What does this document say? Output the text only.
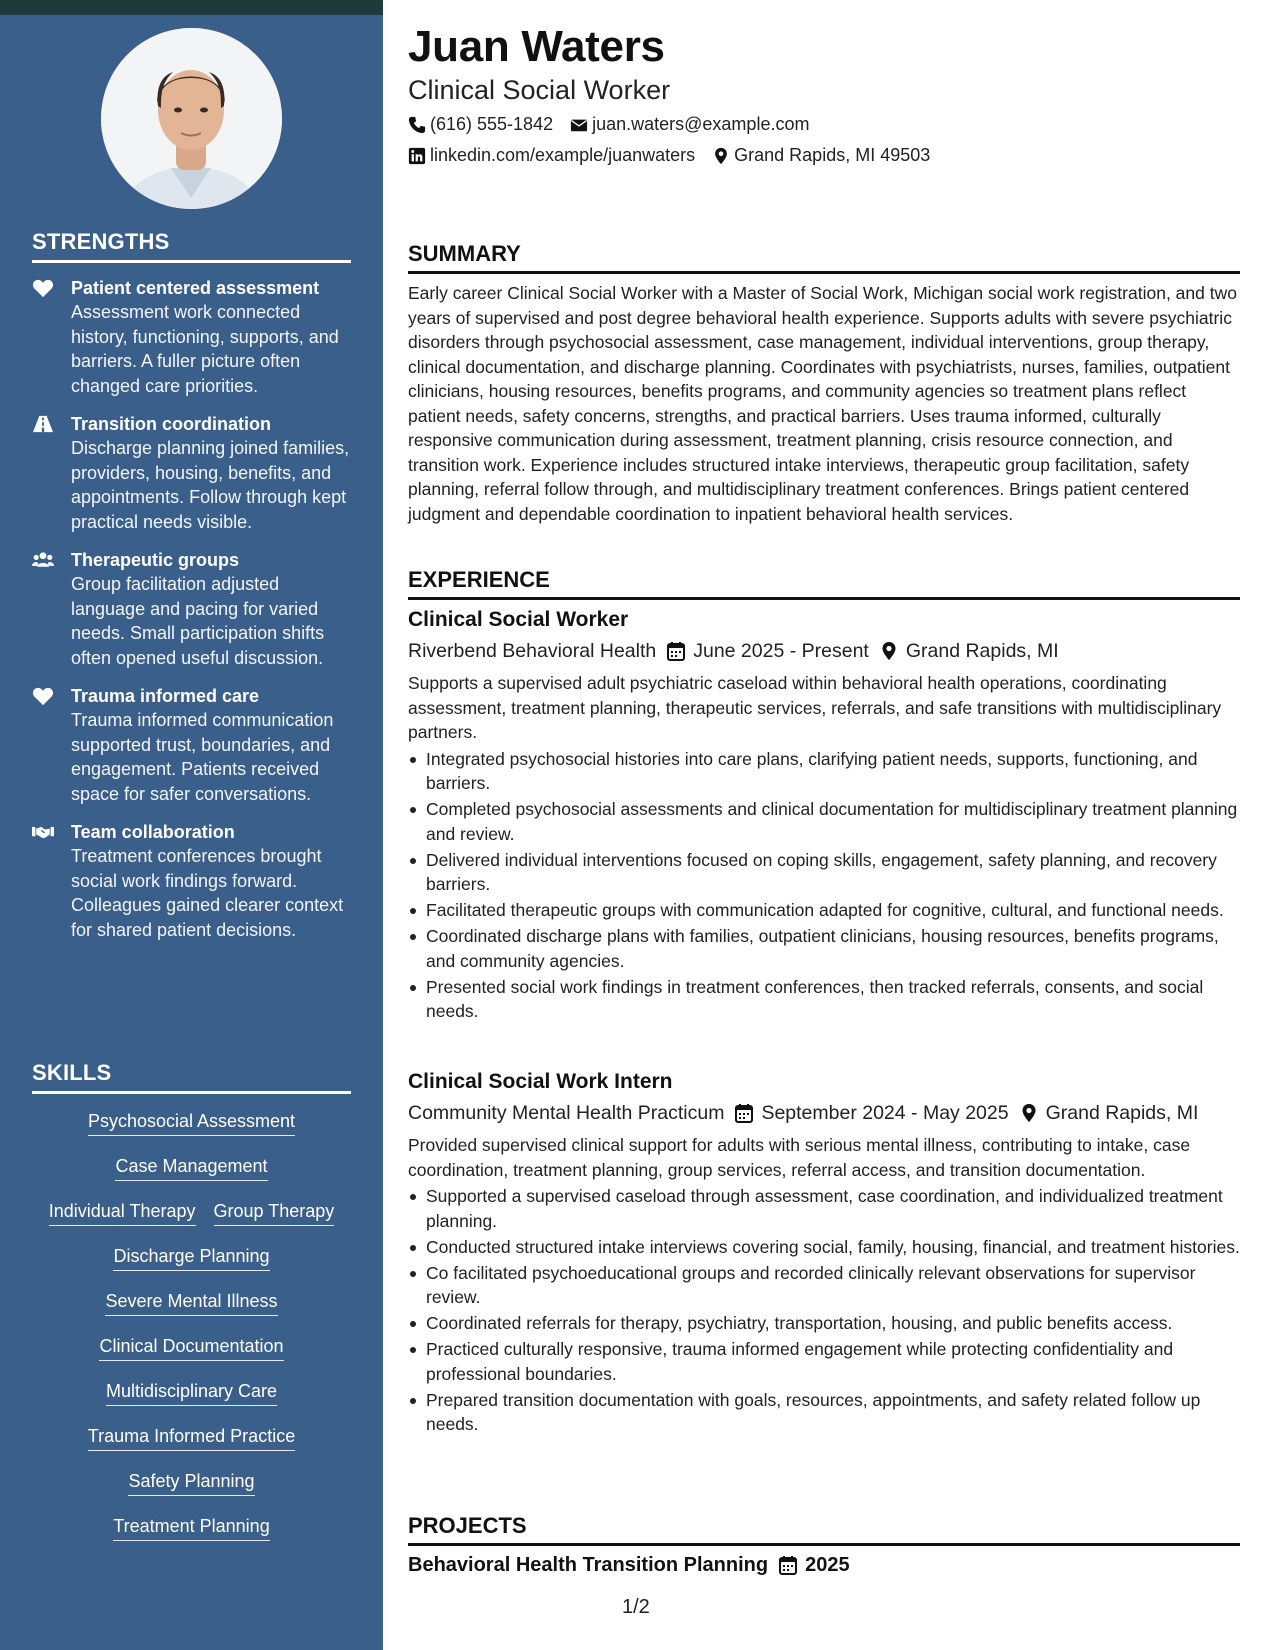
STRENGTHS
Patient centered assessment
Assessment work connected history, functioning, supports, and barriers. A fuller picture often changed care priorities.
Transition coordination
Discharge planning joined families, providers, housing, benefits, and appointments. Follow through kept practical needs visible.
Therapeutic groups
Group facilitation adjusted language and pacing for varied needs. Small participation shifts often opened useful discussion.
Trauma informed care
Trauma informed communication supported trust, boundaries, and engagement. Patients received space for safer conversations.
Team collaboration
Treatment conferences brought social work findings forward. Colleagues gained clearer context for shared patient decisions.
SKILLS
Psychosocial Assessment
Case Management
Individual Therapy Group Therapy
Discharge Planning
Severe Mental Illness
Clinical Documentation
Multidisciplinary Care
Trauma Informed Practice
Safety Planning
Treatment Planning
Juan Waters
Clinical Social Worker
(616) 555-1842 juan.waters@example.com
linkedin.com/example/juanwaters Grand Rapids, MI 49503
SUMMARY
Early career Clinical Social Worker with a Master of Social Work, Michigan social work registration, and two years of supervised and post degree behavioral health experience. Supports adults with severe psychiatric disorders through psychosocial assessment, case management, individual interventions, group therapy, clinical documentation, and discharge planning. Coordinates with psychiatrists, nurses, families, outpatient clinicians, housing resources, benefits programs, and community agencies so treatment plans reflect patient needs, safety concerns, strengths, and practical barriers. Uses trauma informed, culturally responsive communication during assessment, treatment planning, crisis resource connection, and transition work. Experience includes structured intake interviews, therapeutic group facilitation, safety planning, referral follow through, and multidisciplinary treatment conferences. Brings patient centered judgment and dependable coordination to inpatient behavioral health services.
EXPERIENCE
Clinical Social Worker
Riverbend Behavioral Health June 2025 - Present Grand Rapids, MI
Supports a supervised adult psychiatric caseload within behavioral health operations, coordinating assessment, treatment planning, therapeutic services, referrals, and safe transitions with multidisciplinary partners.
Integrated psychosocial histories into care plans, clarifying patient needs, supports, functioning, and barriers.
Completed psychosocial assessments and clinical documentation for multidisciplinary treatment planning and review.
Delivered individual interventions focused on coping skills, engagement, safety planning, and recovery barriers.
Facilitated therapeutic groups with communication adapted for cognitive, cultural, and functional needs.
Coordinated discharge plans with families, outpatient clinicians, housing resources, benefits programs, and community agencies.
Presented social work findings in treatment conferences, then tracked referrals, consents, and social needs.
Clinical Social Work Intern
Community Mental Health Practicum September 2024 - May 2025 Grand Rapids, MI
Provided supervised clinical support for adults with serious mental illness, contributing to intake, case coordination, treatment planning, group services, referral access, and transition documentation.
Supported a supervised caseload through assessment, case coordination, and individualized treatment planning.
Conducted structured intake interviews covering social, family, housing, financial, and treatment histories.
Co facilitated psychoeducational groups and recorded clinically relevant observations for supervisor review.
Coordinated referrals for therapy, psychiatry, transportation, housing, and public benefits access.
Practiced culturally responsive, trauma informed engagement while protecting confidentiality and professional boundaries.
Prepared transition documentation with goals, resources, appointments, and safety related follow up needs.
PROJECTS
Behavioral Health Transition Planning 2025
1/2
